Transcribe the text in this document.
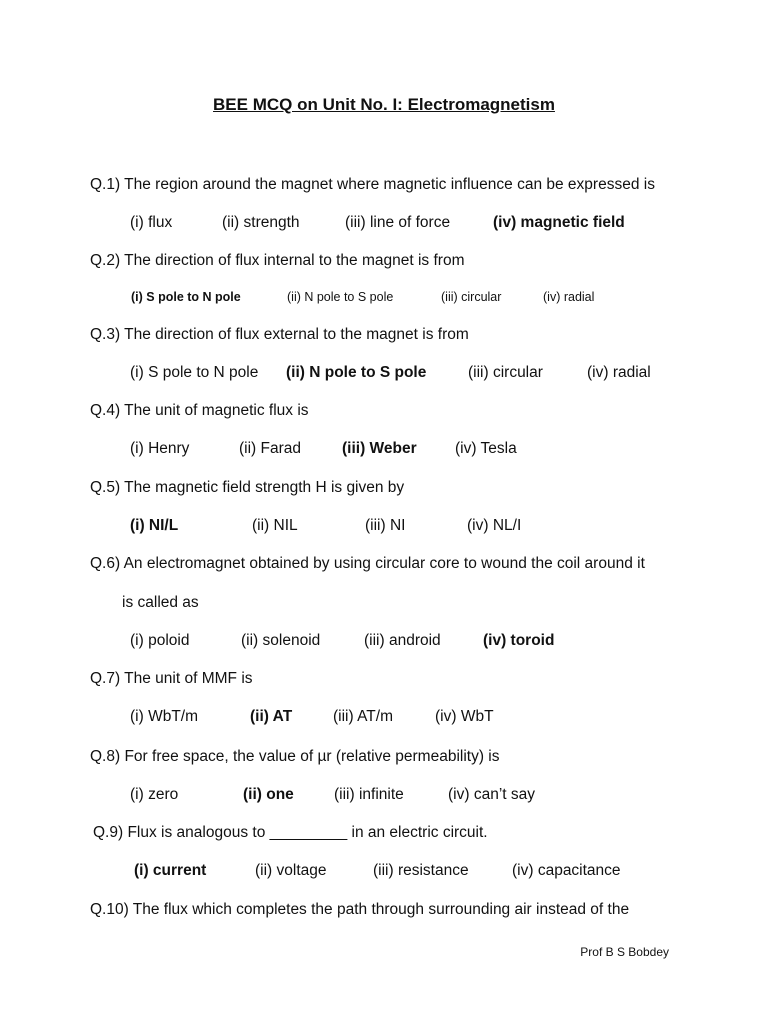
BEE MCQ on Unit No. I: Electromagnetism
Q.1) The region around the magnet where magnetic influence can be expressed is
(i) flux	(ii) strength	(iii) line of force	(iv) magnetic field
Q.2) The direction of flux internal to the magnet is from
(i) S pole to N pole	(ii) N pole to S pole	(iii) circular	(iv) radial
Q.3) The direction of flux external to the magnet is from
(i) S pole to N pole (ii) N pole to S pole	(iii) circular	(iv) radial
Q.4) The unit of magnetic flux is
(i) Henry	(ii) Farad	(iii) Weber (iv) Tesla
Q.5) The magnetic field strength H is given by
(i) NI/L	(ii) NIL	(iii) NI	(iv) NL/I
Q.6) An electromagnet obtained by using circular core to wound the coil around it
is called as
(i) poloid	(ii) solenoid	(iii) android	(iv) toroid
Q.7) The unit of MMF is
(i) WbT/m	(ii) AT	(iii) AT/m	(iv) WbT
Q.8) For free space, the value of µr (relative permeability) is
(i) zero	(ii) one	(iii) infinite	(iv) can’t say
Q.9) Flux is analogous to _________ in an electric circuit.
(i) current	(ii) voltage	(iii) resistance	(iv) capacitance
Q.10) The flux which completes the path through surrounding air instead of the
Prof B S Bobdey
